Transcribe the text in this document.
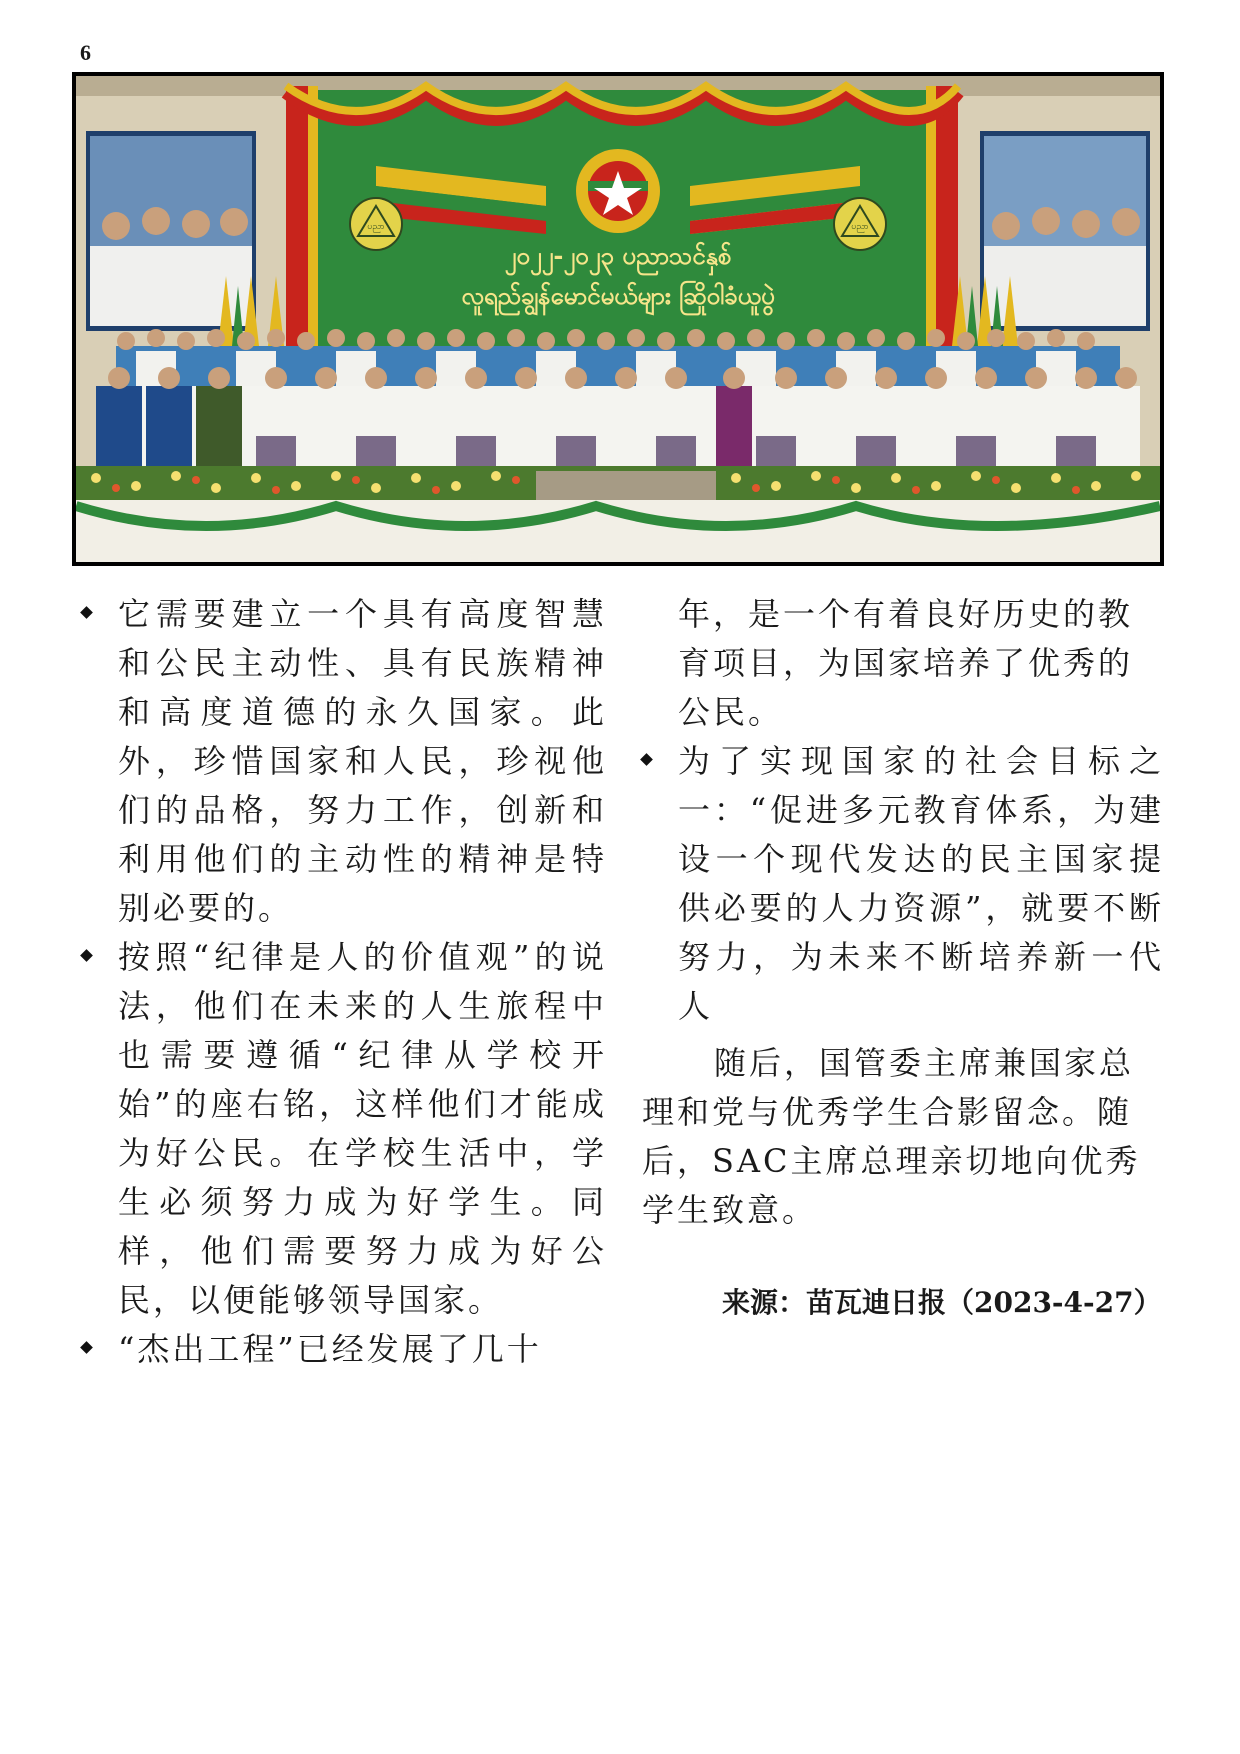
6
ပညာ	ပညာ
၂၀၂၂-၂၀၂၃ ပညာသင်နှစ်
လူရည်ချွန်မောင်မယ်များ ဆြိုဝါခံယူပွဲ
它需要建立一个具有高度智慧和公民主动性、具有民族精神和高度道德的永久国家。此外，珍惜国家和人民，珍视他们的品格，努力工作，创新和利用他们的主动性的精神是特别必要的。
按照“纪律是人的价值观”的说法，他们在未来的人生旅程中也需要遵循“纪律从学校开始”的座右铭，这样他们才能成为好公民。在学校生活中，学生必须努力成为好学生。同样，他们需要努力成为好公民，以便能够领导国家。
“杰出工程”已经发展了几十
年，是一个有着良好历史的教育项目，为国家培养了优秀的公民。
为了实现国家的社会目标之一：“促进多元教育体系，为建设一个现代发达的民主国家提供必要的人力资源”，就要不断努力，为未来不断培养新一代人
随后，国管委主席兼国家总理和党与优秀学生合影留念。随后，SAC主席总理亲切地向优秀学生致意。
来源：苗瓦迪日报（2023-4-27）
